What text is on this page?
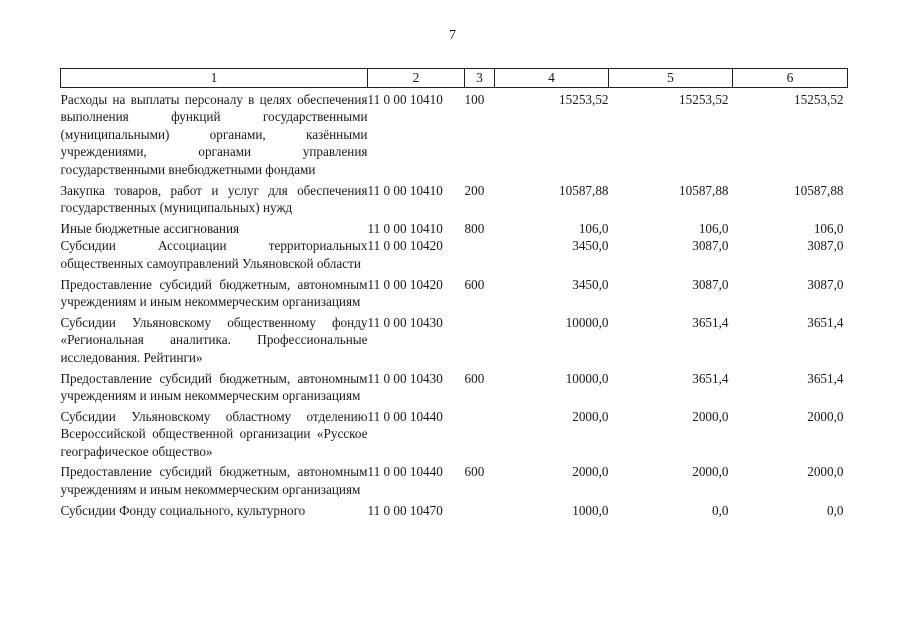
7
1	2	3	4	5	6

Расходы на выплаты персоналу в целях обеспечения выполнения функций государственными (муниципальными) органами, казёнными учреждениями, органами управления государственными внебюджетными фондами	11 0 00 10410	100	15253,52	15253,52	15253,52

Закупка товаров, работ и услуг для обеспечения государственных (муниципальных) нужд	11 0 00 10410	200	10587,88	10587,88	10587,88

Иные бюджетные ассигнования	11 0 00 10410	800	106,0	106,0	106,0
Субсидии Ассоциации территориальных общественных самоуправлений Ульяновской области	11 0 00 10420		3450,0	3087,0	3087,0

Предоставление субсидий бюджетным, автономным учреждениям и иным некоммерческим организациям	11 0 00 10420	600	3450,0	3087,0	3087,0

Субсидии Ульяновскому общественному фонду «Региональная аналитика. Профессиональные исследования. Рейтинги»	11 0 00 10430		10000,0	3651,4	3651,4

Предоставление субсидий бюджетным, автономным учреждениям и иным некоммерческим организациям	11 0 00 10430	600	10000,0	3651,4	3651,4

Субсидии Ульяновскому областному отделению Всероссийской общественной организации «Русское географическое общество»	11 0 00 10440		2000,0	2000,0	2000,0

Предоставление субсидий бюджетным, автономным учреждениям и иным некоммерческим организациям	11 0 00 10440	600	2000,0	2000,0	2000,0

Субсидии Фонду социального, культурного	11 0 00 10470		1000,0	0,0	0,0
